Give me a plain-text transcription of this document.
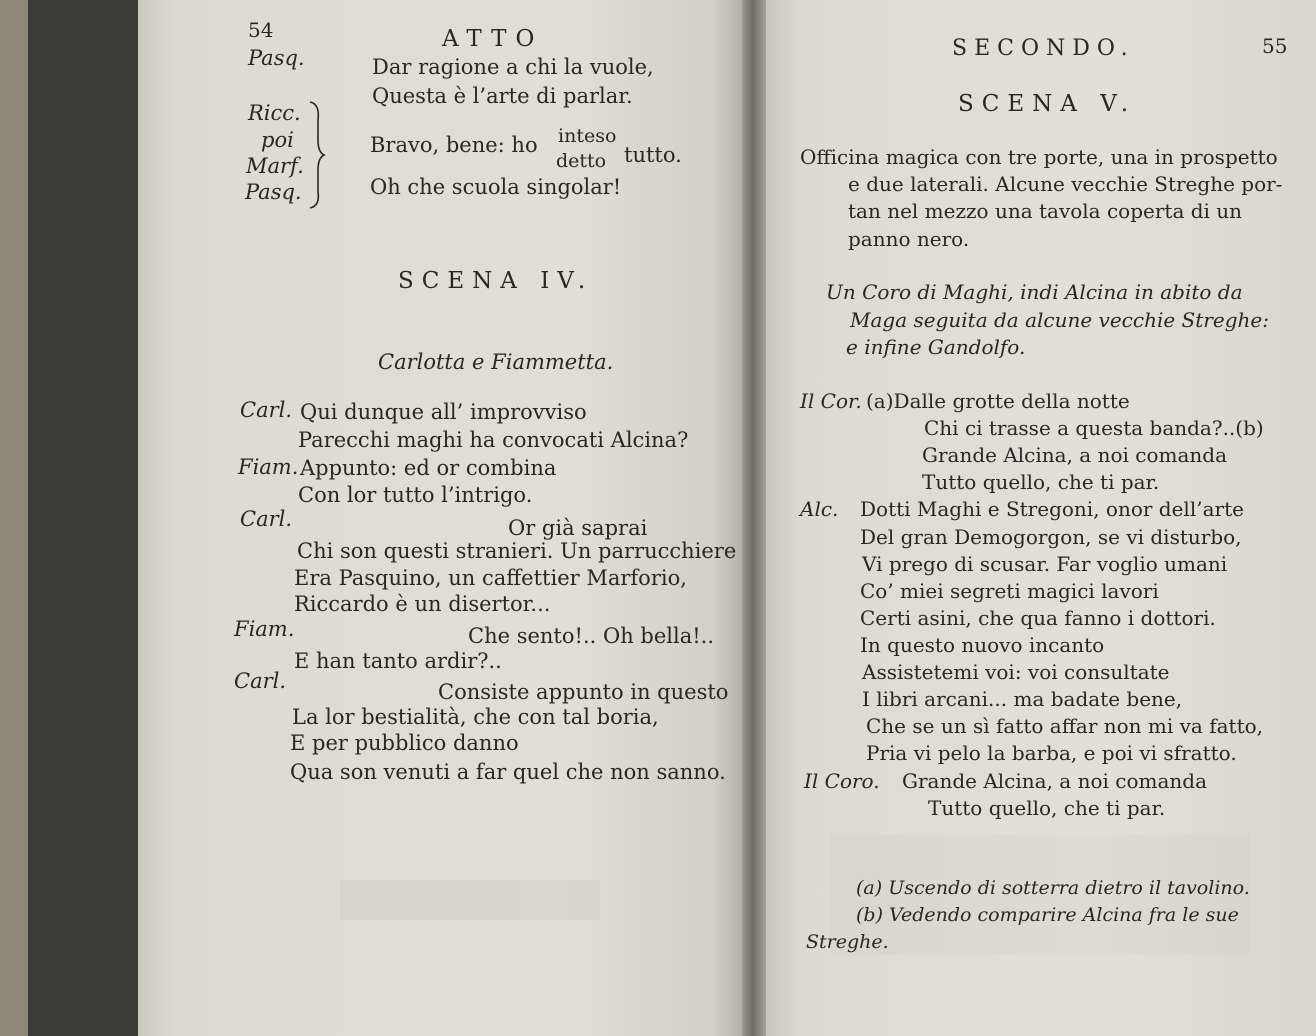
54	ATTO
Pasq.	Dar ragione a chi la vuole,
Questa è l’arte di parlar.
Ricc.
poi
Marf.
Pasq.
Bravo, bene: ho inteso
detto tutto.
Oh che scuola singolar!
SCENA IV.
Carlotta e Fiammetta.
Carl. Qui dunque all’ improvviso
Parecchi maghi ha convocati Alcina?
Fiam. Appunto: ed or combina
Con lor tutto l’intrigo.
Carl.	Or già saprai
Chi son questi stranieri. Un parrucchiere
Era Pasquino, un caffettier Marforio,
Riccardo è un disertor...
Fiam.	Che sento!.. Oh bella!..
E han tanto ardir?..
Carl.	Consiste appunto in questo
La lor bestialità, che con tal boria,
E per pubblico danno
Qua son venuti a far quel che non sanno.
SECONDO.	55
SCENA V.
Officina magica con tre porte, una in prospetto
e due laterali. Alcune vecchie Streghe por-
tan nel mezzo una tavola coperta di un
panno nero.
Un Coro di Maghi, indi Alcina in abito da
Maga seguita da alcune vecchie Streghe:
e infine Gandolfo.
Il Cor. (a)Dalle grotte della notte
Chi ci trasse a questa banda?..(b)
Grande Alcina, a noi comanda
Tutto quello, che ti par.
Alc. Dotti Maghi e Stregoni, onor dell’arte
Del gran Demogorgon, se vi disturbo,
Vi prego di scusar. Far voglio umani
Co’ miei segreti magici lavori
Certi asini, che qua fanno i dottori.
In questo nuovo incanto
Assistetemi voi: voi consultate
I libri arcani... ma badate bene,
Che se un sì fatto affar non mi va fatto,
Pria vi pelo la barba, e poi vi sfratto.
Il Coro. Grande Alcina, a noi comanda
Tutto quello, che ti par.
(a) Uscendo di sotterra dietro il tavolino.
(b) Vedendo comparire Alcina fra le sue
Streghe.
